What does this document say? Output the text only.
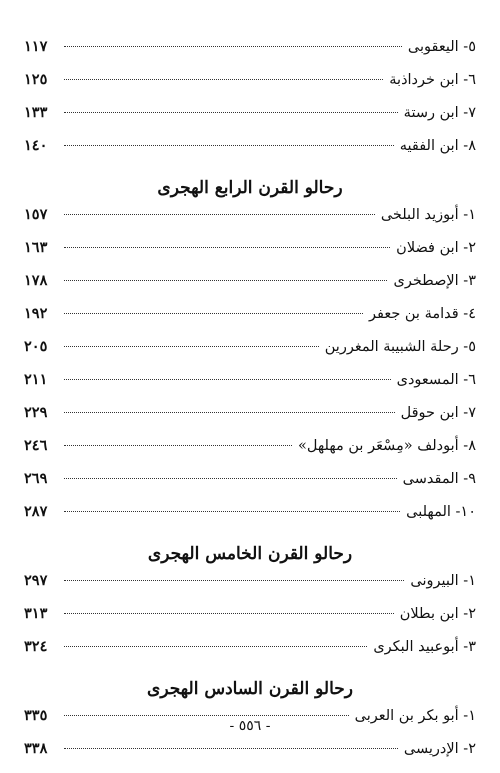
٥- اليعقوبى
١١٧
٦- ابن خرداذبة
١٢٥
٧- ابن رستة
١٣٣
٨- ابن الفقيه
١٤٠
رحالو القرن الرابع الهجرى
١- أبوزيد البلخى
١٥٧
٢- ابن فضلان
١٦٣
٣- الإصطخرى
١٧٨
٤- قدامة بن جعفر
١٩٢
٥- رحلة الشبيبة المغررين
٢٠٥
٦- المسعودى
٢١١
٧- ابن حوقل
٢٢٩
٨- أبودلف «مِسْعَر بن مهلهل»
٢٤٦
٩- المقدسى
٢٦٩
١٠- المهلبى
٢٨٧
رحالو القرن الخامس الهجرى
١- البيرونى
٢٩٧
٢- ابن بطلان
٣١٣
٣- أبوعبيد البكرى
٣٢٤
رحالو القرن السادس الهجرى
١- أبو بكر بن العربى
٣٣٥
٢- الإدريسى
٣٣٨
- ٥٥٦ -
